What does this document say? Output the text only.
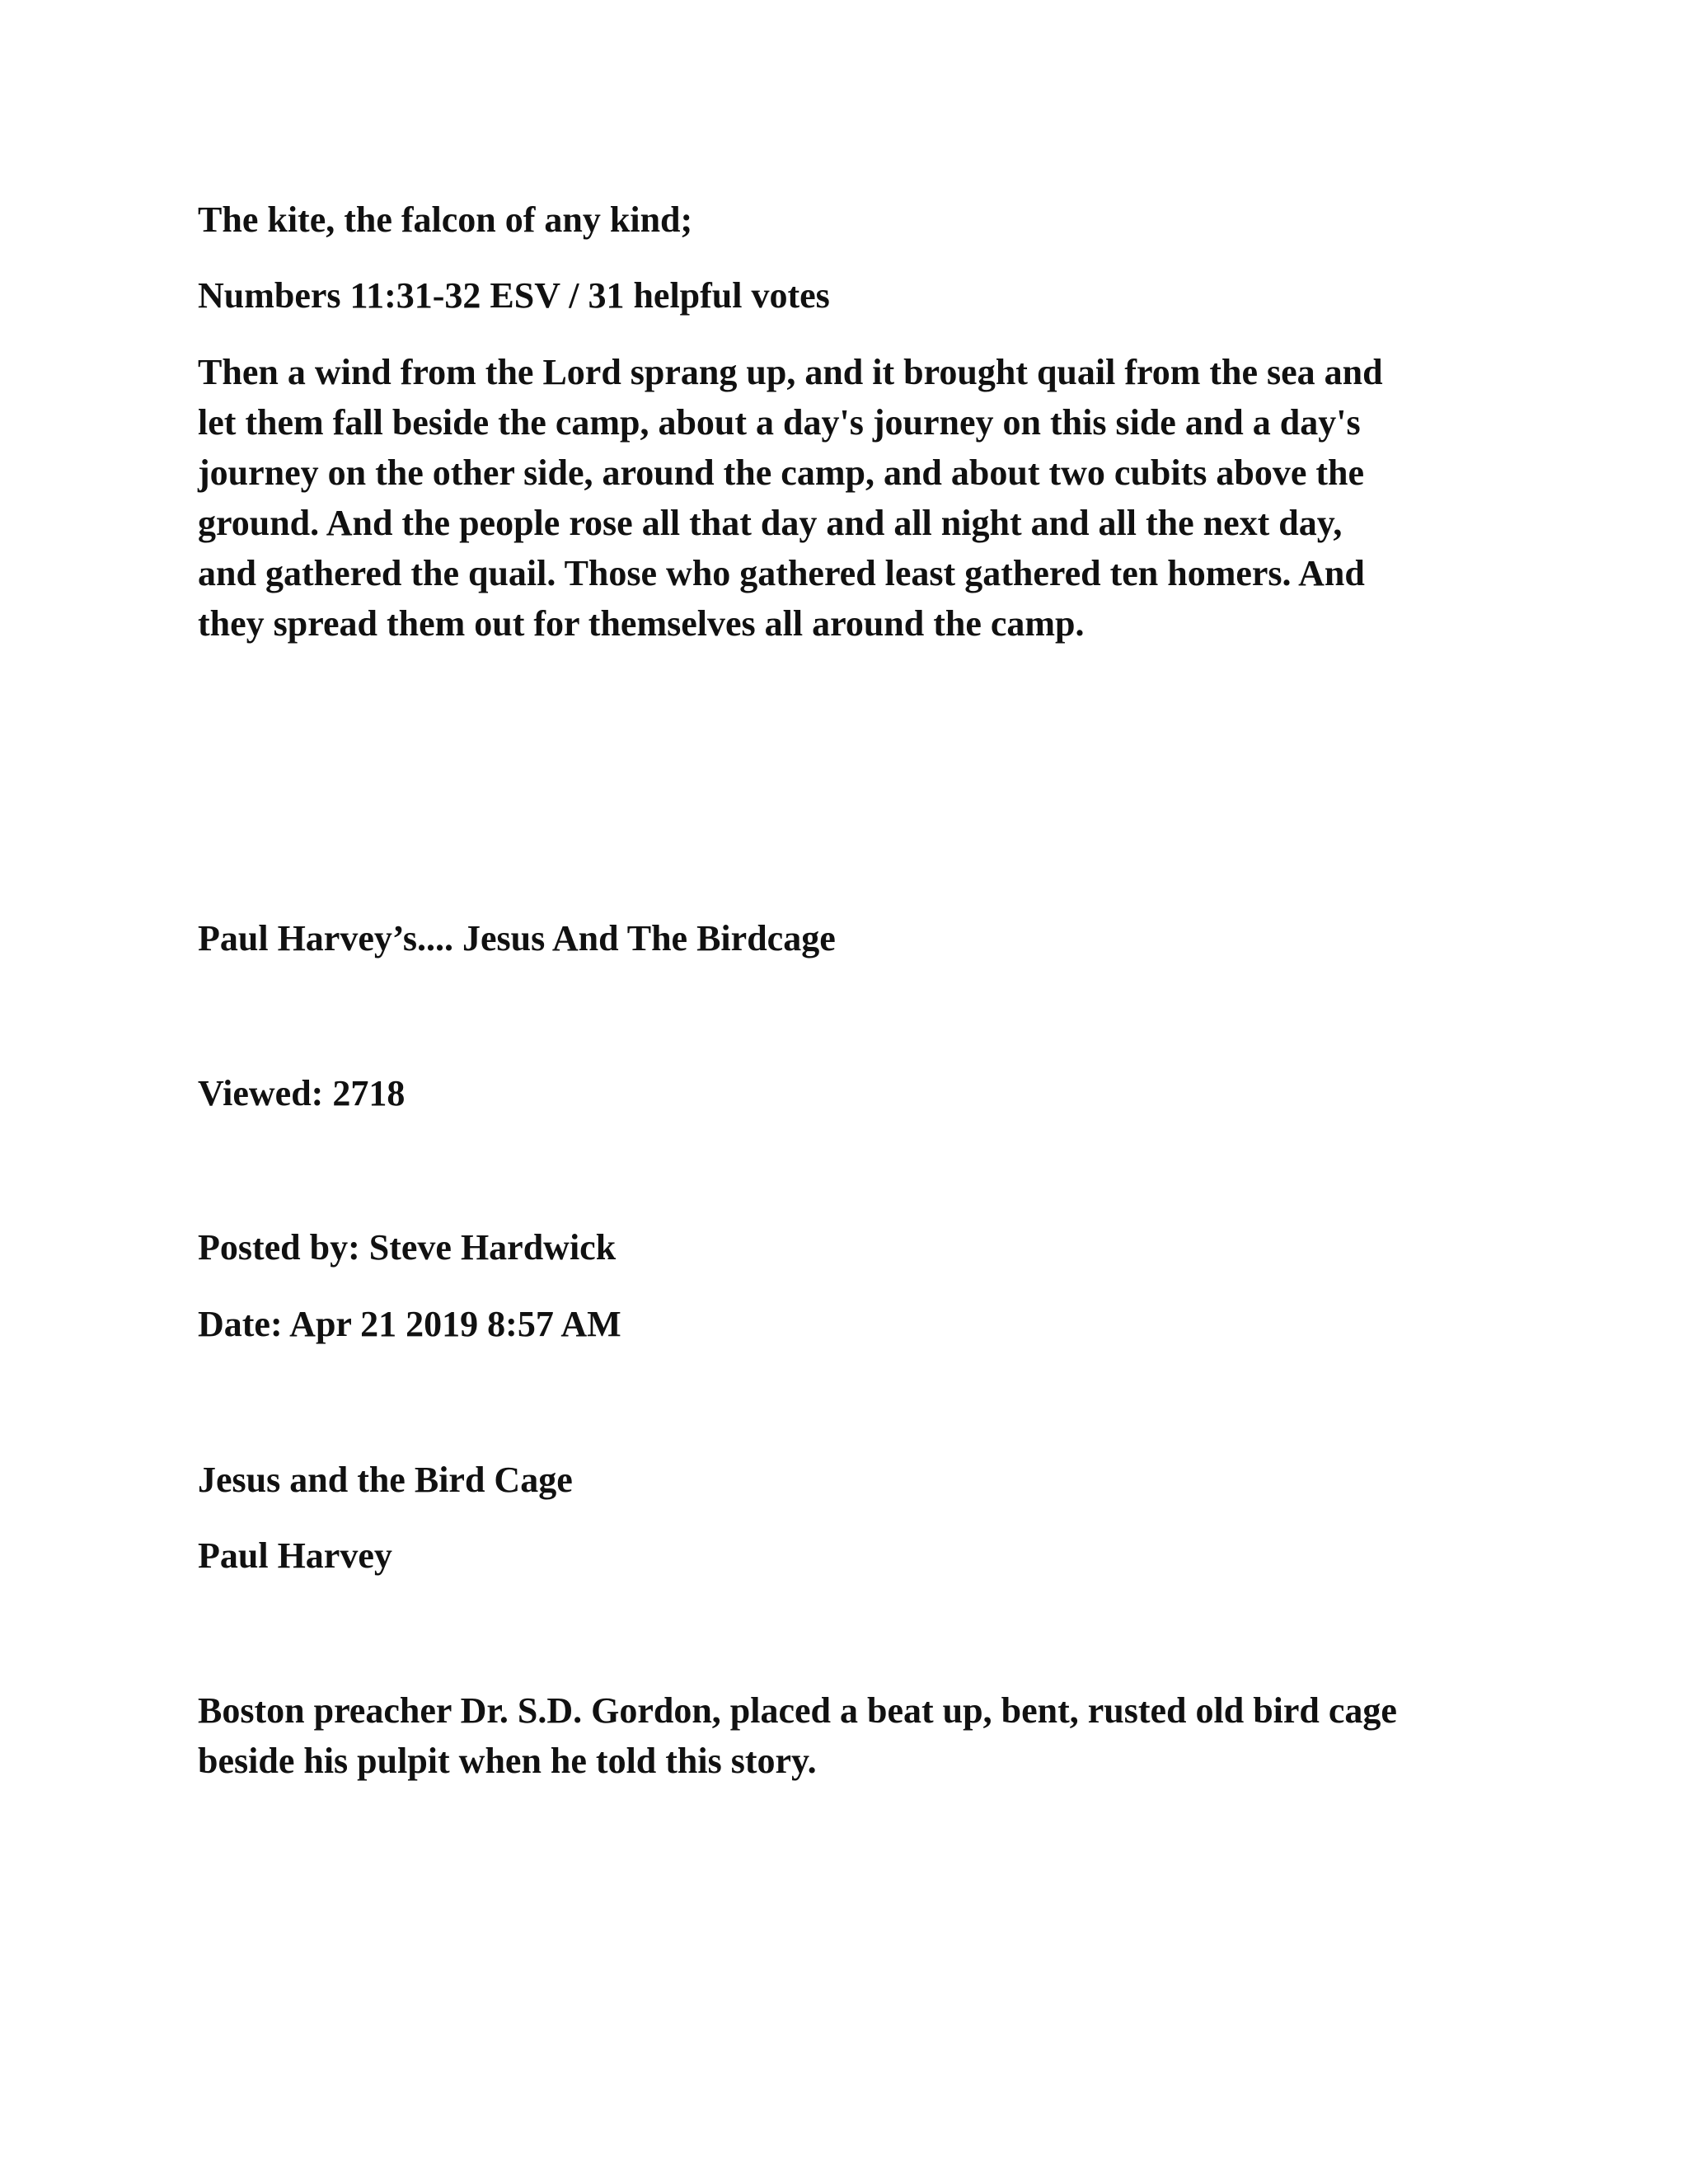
The kite, the falcon of any kind;

Numbers 11:31-32 ESV / 31 helpful votes

Then a wind from the Lord sprang up, and it brought quail from the sea and
let them fall beside the camp, about a day's journey on this side and a day's
journey on the other side, around the camp, and about two cubits above the
ground. And the people rose all that day and all night and all the next day,
and gathered the quail. Those who gathered least gathered ten homers. And
they spread them out for themselves all around the camp.

Paul Harvey’s.... Jesus And The Birdcage

Viewed: 2718

Posted by: Steve Hardwick

Date: Apr 21 2019 8:57 AM

Jesus and the Bird Cage

Paul Harvey

Boston preacher Dr. S.D. Gordon, placed a beat up, bent, rusted old bird cage
beside his pulpit when he told this story.
